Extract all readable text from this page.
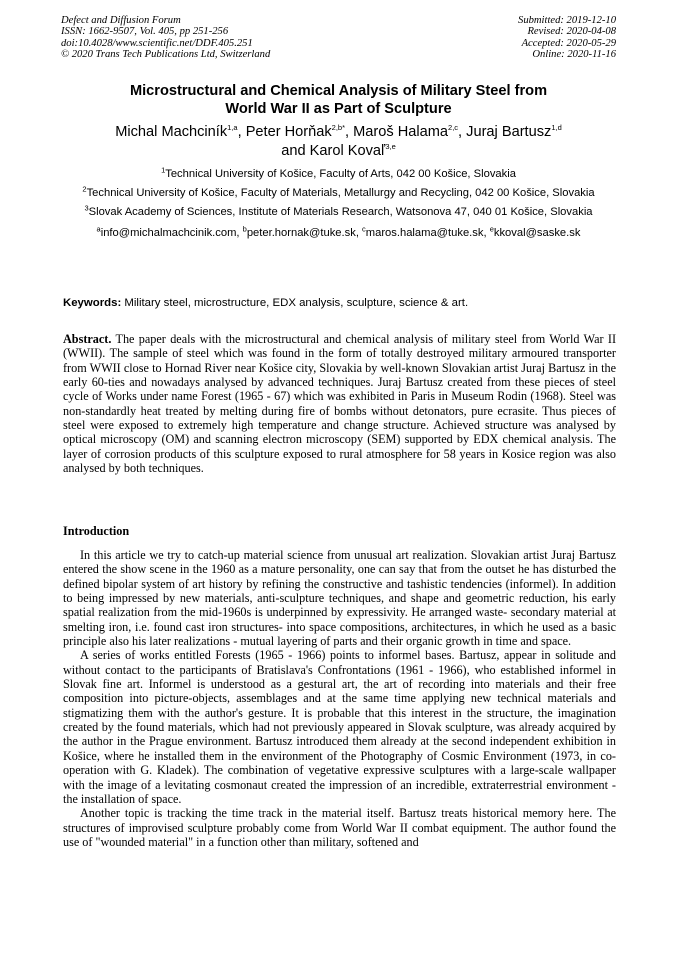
Defect and Diffusion Forum
ISSN: 1662-9507, Vol. 405, pp 251-256
doi:10.4028/www.scientific.net/DDF.405.251
© 2020 Trans Tech Publications Ltd, Switzerland
Submitted: 2019-12-10
Revised: 2020-04-08
Accepted: 2020-05-29
Online: 2020-11-16
Microstructural and Chemical Analysis of Military Steel from
World War II as Part of Sculpture
Michal Machciník$^{1,a}$, Peter Horňak$^{2,b*}$, Maroš Halama$^{2,c}$, Juraj Bartusz$^{1,d}$
and Karol Kovaľ$^{3,e}$

$^1$Technical University of Košice, Faculty of Arts, 042 00 Košice, Slovakia

$^2$Technical University of Košice, Faculty of Materials, Metallurgy and Recycling, 042 00 Košice, Slovakia

$^3$Slovak Academy of Sciences, Institute of Materials Research, Watsonova 47, 040 01 Košice, Slovakia

$^a$info@michalmachcinik.com, $^b$peter.hornak@tuke.sk, $^c$maros.halama@tuke.sk, $^e$kkoval@saske.sk

Keywords: Military steel, microstructure, EDX analysis, sculpture, science & art.

Abstract. The paper deals with the microstructural and chemical analysis of military steel from World War II (WWII). The sample of steel which was found in the form of totally destroyed military armoured transporter from WWII close to Hornad River near Košice city, Slovakia by well-known Slovakian artist Juraj Bartusz in the early 60-ties and nowadays analysed by advanced techniques. Juraj Bartusz created from these pieces of steel cycle of Works under name Forest (1965 - 67) which was exhibited in Paris in Museum Rodin (1968). Steel was non-standardly heat treated by melting during fire of bombs without detonators, pure ecrasite. Thus pieces of steel were exposed to extremely high temperature and change structure. Achieved structure was analysed by optical microscopy (OM) and scanning electron microscopy (SEM) supported by EDX chemical analysis. The layer of corrosion products of this sculpture exposed to rural atmosphere for 58 years in Kosice region was also analysed by both techniques.

Introduction

In this article we try to catch-up material science from unusual art realization. Slovakian artist Juraj Bartusz entered the show scene in the 1960 as a mature personality, one can say that from the outset he has disturbed the defined bipolar system of art history by refining the constructive and tashistic tendencies (informel). In addition to being impressed by new materials, anti-sculpture techniques, and shape and geometric reduction, his early spatial realization from the mid-1960s is underpinned by expressivity. He arranged waste- secondary material at smelting iron, i.e. found cast iron structures- into space compositions, architectures, in which he used as a basic principle also his later realizations - mutual layering of parts and their organic growth in time and space.

A series of works entitled Forests (1965 - 1966) points to informel bases. Bartusz, appear in solitude and without contact to the participants of Bratislava's Confrontations (1961 - 1966), who established informel in Slovak fine art. Informel is understood as a gestural art, the art of recording into materials and their free composition into picture-objects, assemblages and at the same time applying new technical materials and stigmatizing them with the author's gesture. It is probable that this interest in the structure, the imagination created by the found materials, which had not previously appeared in Slovak sculpture, was already acquired by the author in the Prague environment. Bartusz introduced them already at the second independent exhibition in Košice, where he installed them in the environment of the Photography of Cosmic Environment (1973, in co-operation with G. Kladek). The combination of vegetative expressive sculptures with a large-scale wallpaper with the image of a levitating cosmonaut created the impression of an incredible, extraterrestrial environment - the installation of space.

Another topic is tracking the time track in the material itself. Bartusz treats historical memory here. The structures of improvised sculpture probably come from World War II combat equipment. The author found the use of "wounded material" in a function other than military, softened and
